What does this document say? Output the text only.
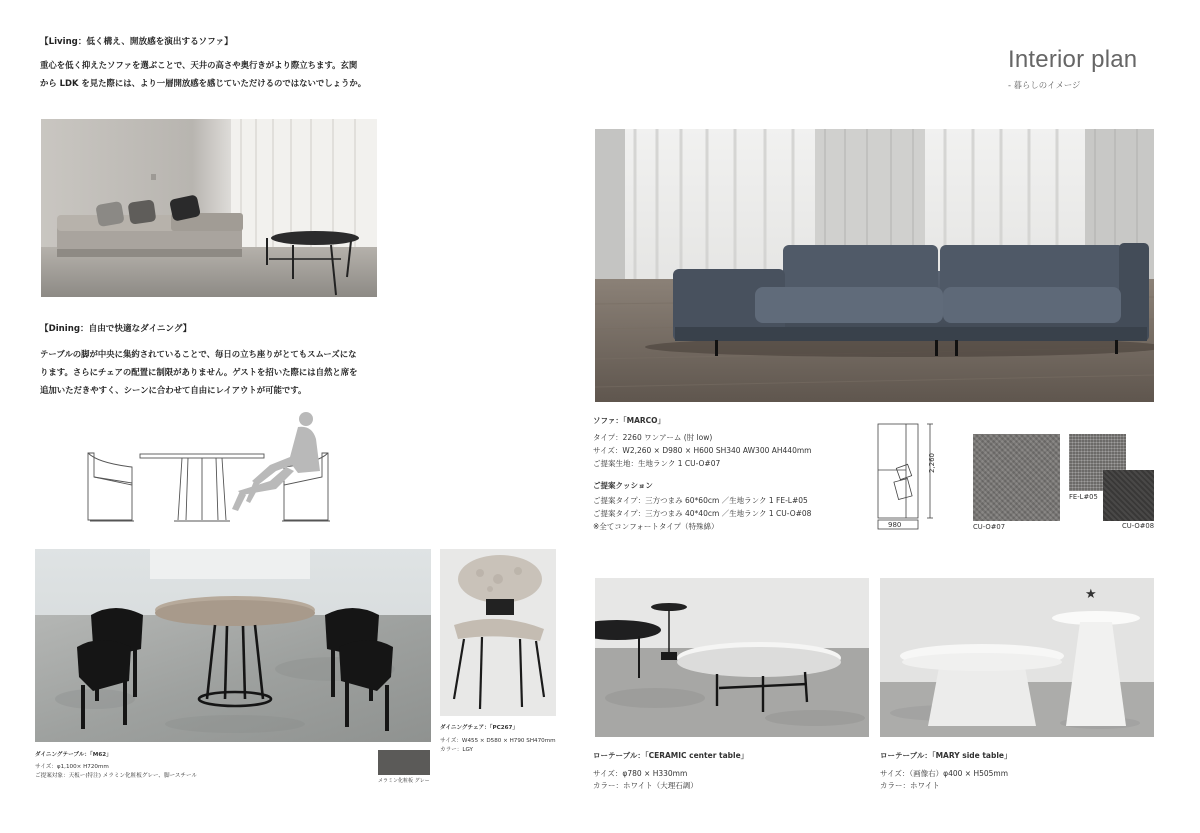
【Living：低く構え、開放感を演出するソファ】
重心を低く抑えたソファを選ぶことで、天井の高さや奥行きがより際立ちます。玄関
から LDK を見た際には、より一層開放感を感じていただけるのではないでしょうか。
【Dining：自由で快適なダイニング】
テーブルの脚が中央に集約されていることで、毎日の立ち座りがとてもスムーズにな
ります。さらにチェアの配置に制限がありません。ゲストを招いた際には自然と席を
追加いただきやすく、シーンに合わせて自由にレイアウトが可能です。
ダイニングチェア：「PC267」
サイズ：W455 × D580 × H790 SH470mm
カラー：LGY
ダイニングテーブル：「M62」
サイズ：φ1,100× H720mm
ご提案対象：天板ー(特注) メラミン化粧板グレー、脚ースチール
メラミン化粧板 グレー
Interior plan
- 暮らしのイメージ
ソファ：「MARCO」
タイプ：2260 ワンアーム (肘 low)
サイズ：W2,260 × D980 × H600 SH340 AW300 AH440mm
ご提案生地：生地ランク 1 CU-O#07
ご提案クッション
ご提案タイプ：三方つまみ 60*60cm ／生地ランク 1 FE-L#05
ご提案タイプ：三方つまみ 40*40cm ／生地ランク 1 CU-O#08
※全てコンフォートタイプ（特殊綿）
2,260
980	CU-O#07
FE-L#05
CU-O#08
ローテーブル：「CERAMIC center table」
サイズ：φ780 × H330mm
カラー：ホワイト（大理石調）
★
ローテーブル：「MARY side table」
サイズ：（画像右）φ400 × H505mm
カラー：ホワイト
